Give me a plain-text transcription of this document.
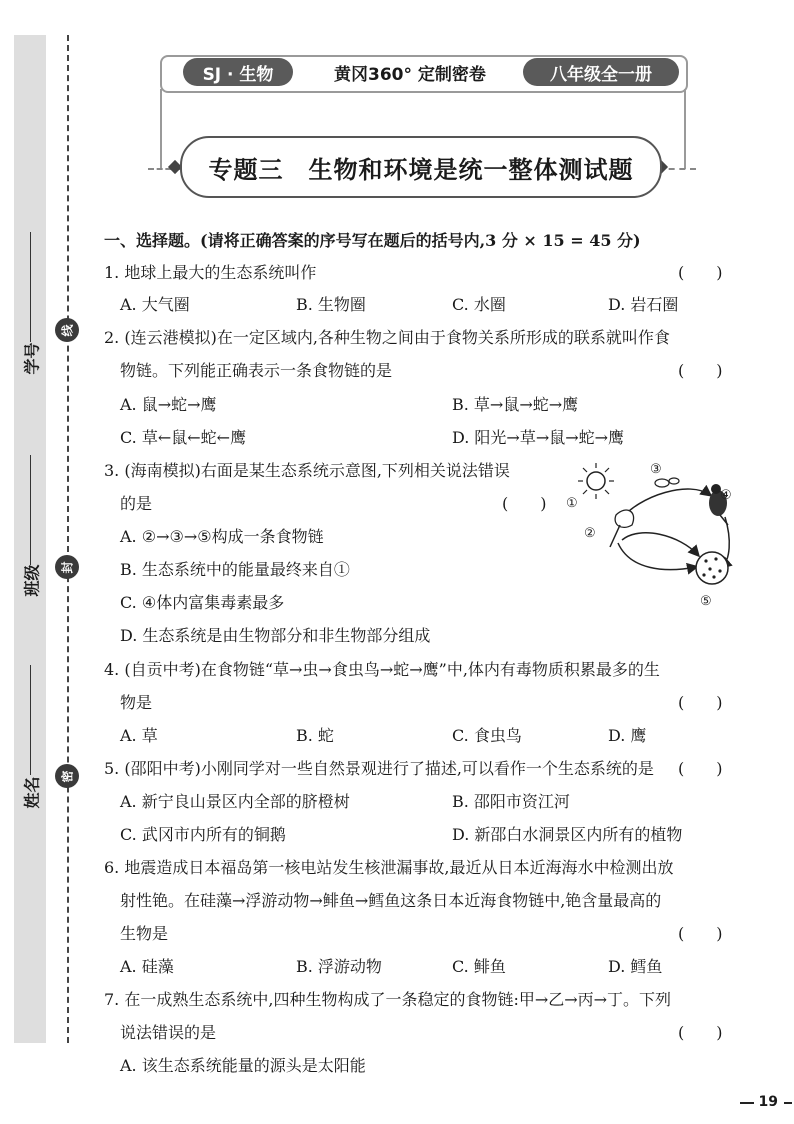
学号
班级
姓名
线
封
密
SJ · 生物	黄冈360° 定制密卷	八年级全一册
专题三　生物和环境是统一整体测试题
一、选择题。(请将正确答案的序号写在题后的括号内,3 分 × 15 = 45 分)
1. 地球上最大的生态系统叫作	(　　)
A. 大气圈	B. 生物圈	C. 水圈	D. 岩石圈
2. (连云港模拟)在一定区域内,各种生物之间由于食物关系所形成的联系就叫作食
物链。下列能正确表示一条食物链的是	(　　)
A. 鼠→蛇→鹰	B. 草→鼠→蛇→鹰
C. 草←鼠←蛇←鹰	D. 阳光→草→鼠→蛇→鹰
3. (海南模拟)右面是某生态系统示意图,下列相关说法错误
的是	(　　)
A. ②→③→⑤构成一条食物链
B. 生态系统中的能量最终来自①
C. ④体内富集毒素最多
D. 生态系统是由生物部分和非生物部分组成
①
②
③
④
⑤
4. (自贡中考)在食物链“草→虫→食虫鸟→蛇→鹰”中,体内有毒物质积累最多的生
物是	(　　)
A. 草	B. 蛇	C. 食虫鸟	D. 鹰
5. (邵阳中考)小刚同学对一些自然景观进行了描述,可以看作一个生态系统的是 (　　)
A. 新宁良山景区内全部的脐橙树	B. 邵阳市资江河
C. 武冈市内所有的铜鹅	D. 新邵白水洞景区内所有的植物
6. 地震造成日本福岛第一核电站发生核泄漏事故,最近从日本近海海水中检测出放
射性铯。在硅藻→浮游动物→鲱鱼→鳕鱼这条日本近海食物链中,铯含量最高的
生物是	(　　)
A. 硅藻	B. 浮游动物	C. 鲱鱼	D. 鳕鱼
7. 在一成熟生态系统中,四种生物构成了一条稳定的食物链:甲→乙→丙→丁。下列
说法错误的是	(　　)
A. 该生态系统能量的源头是太阳能
19
